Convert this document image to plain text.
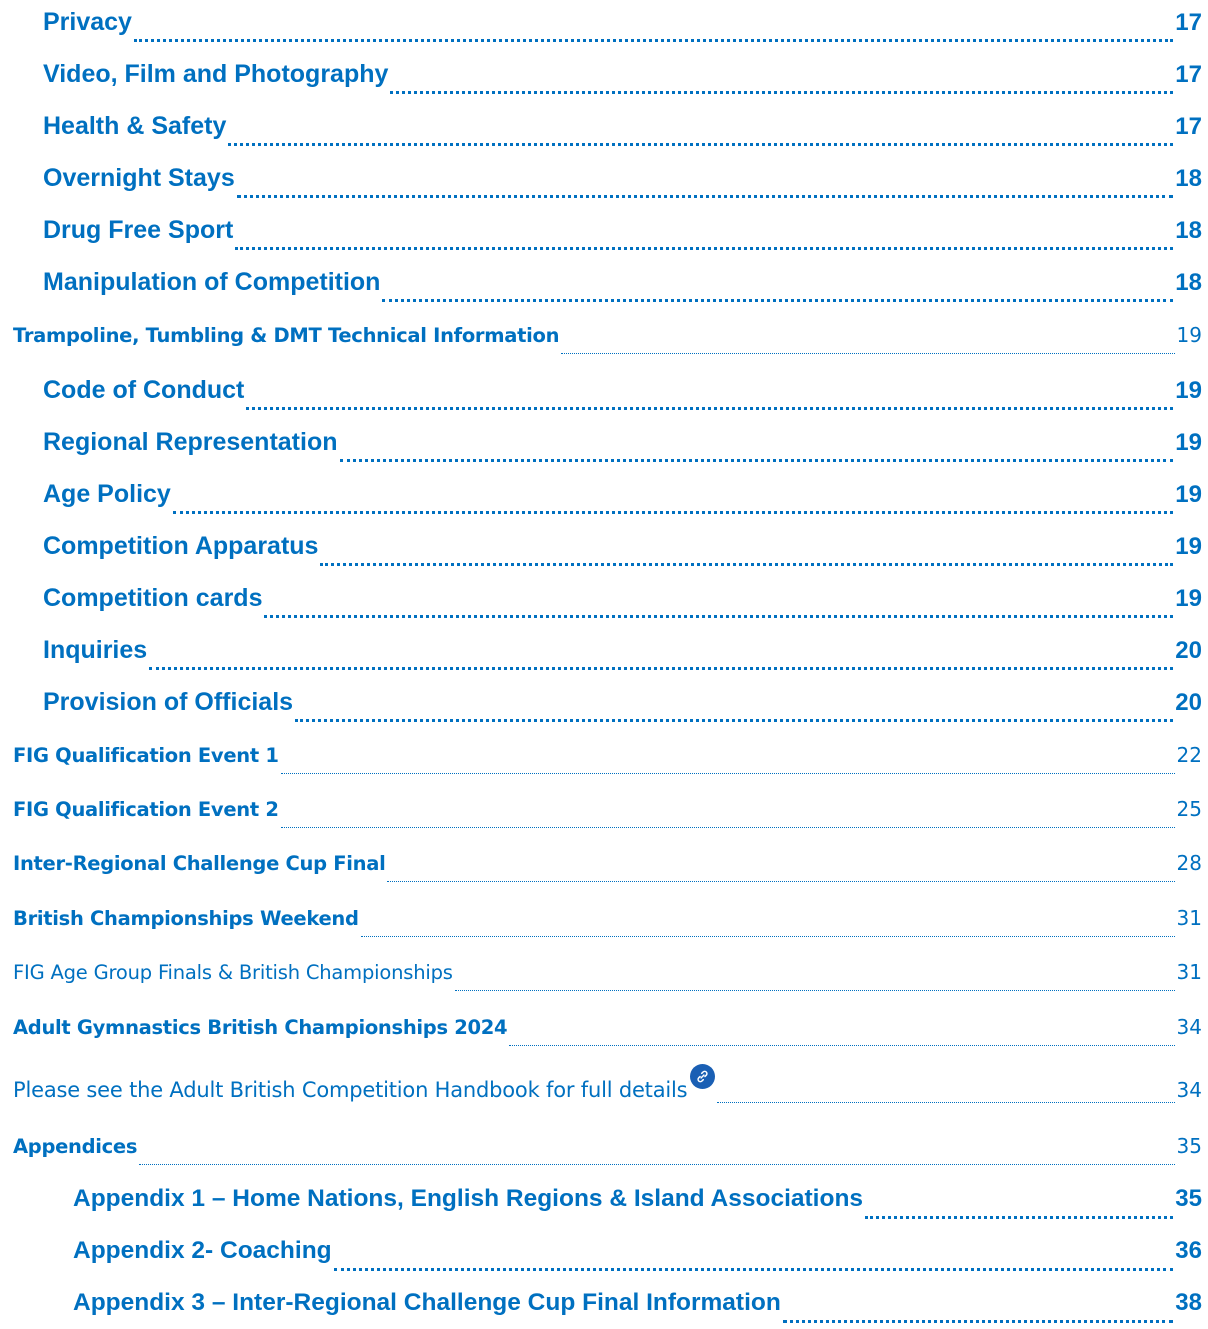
Privacy	17
Video, Film and Photography	17
Health & Safety	17
Overnight Stays	18
Drug Free Sport	18
Manipulation of Competition	18
Trampoline, Tumbling & DMT Technical Information	19
Code of Conduct	19
Regional Representation	19
Age Policy	19
Competition Apparatus	19
Competition cards	19
Inquiries	20
Provision of Officials	20
FIG Qualification Event 1	22
FIG Qualification Event 2	25
Inter-Regional Challenge Cup Final	28
British Championships Weekend	31
FIG Age Group Finals & British Championships	31
Adult Gymnastics British Championships 2024	34
Please see the Adult British Competition Handbook for full details	34
Appendices	35
Appendix 1 – Home Nations, English Regions & Island Associations	35
Appendix 2- Coaching	36
Appendix 3 – Inter-Regional Challenge Cup Final Information	38
